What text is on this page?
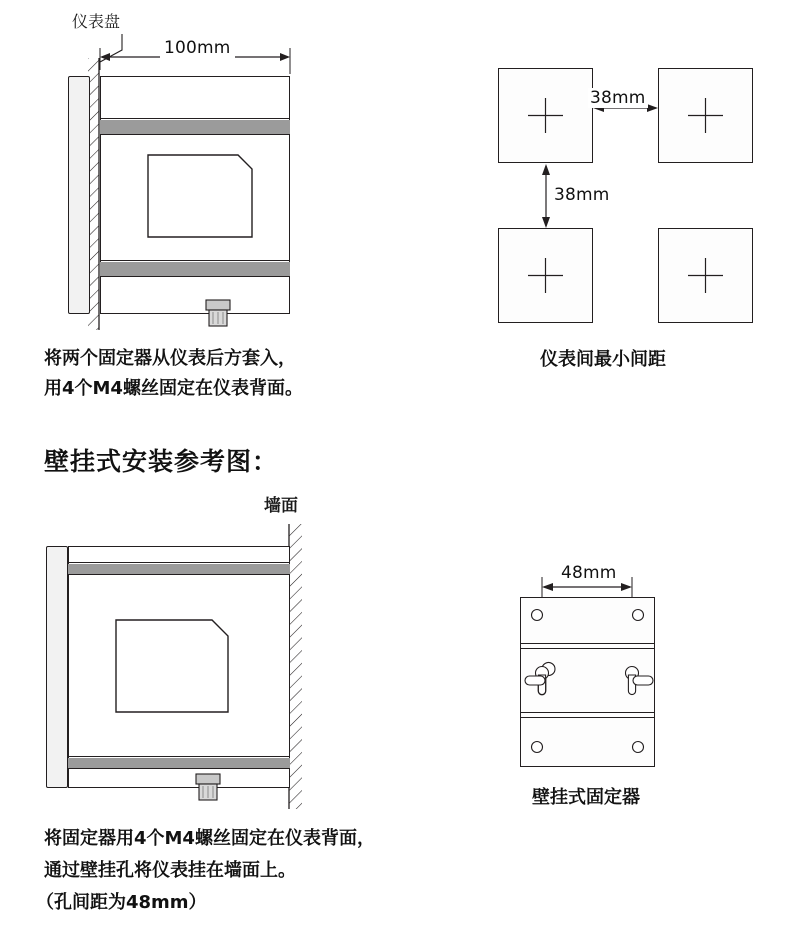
仪表盘
100mm
将两个固定器从仪表后方套入，
用4个M4螺丝固定在仪表背面。
38mm
38mm
仪表间最小间距
壁挂式安装参考图：
墙面
将固定器用4个M4螺丝固定在仪表背面，
通过壁挂孔将仪表挂在墙面上。
（孔间距为48mm）
48mm
壁挂式固定器
